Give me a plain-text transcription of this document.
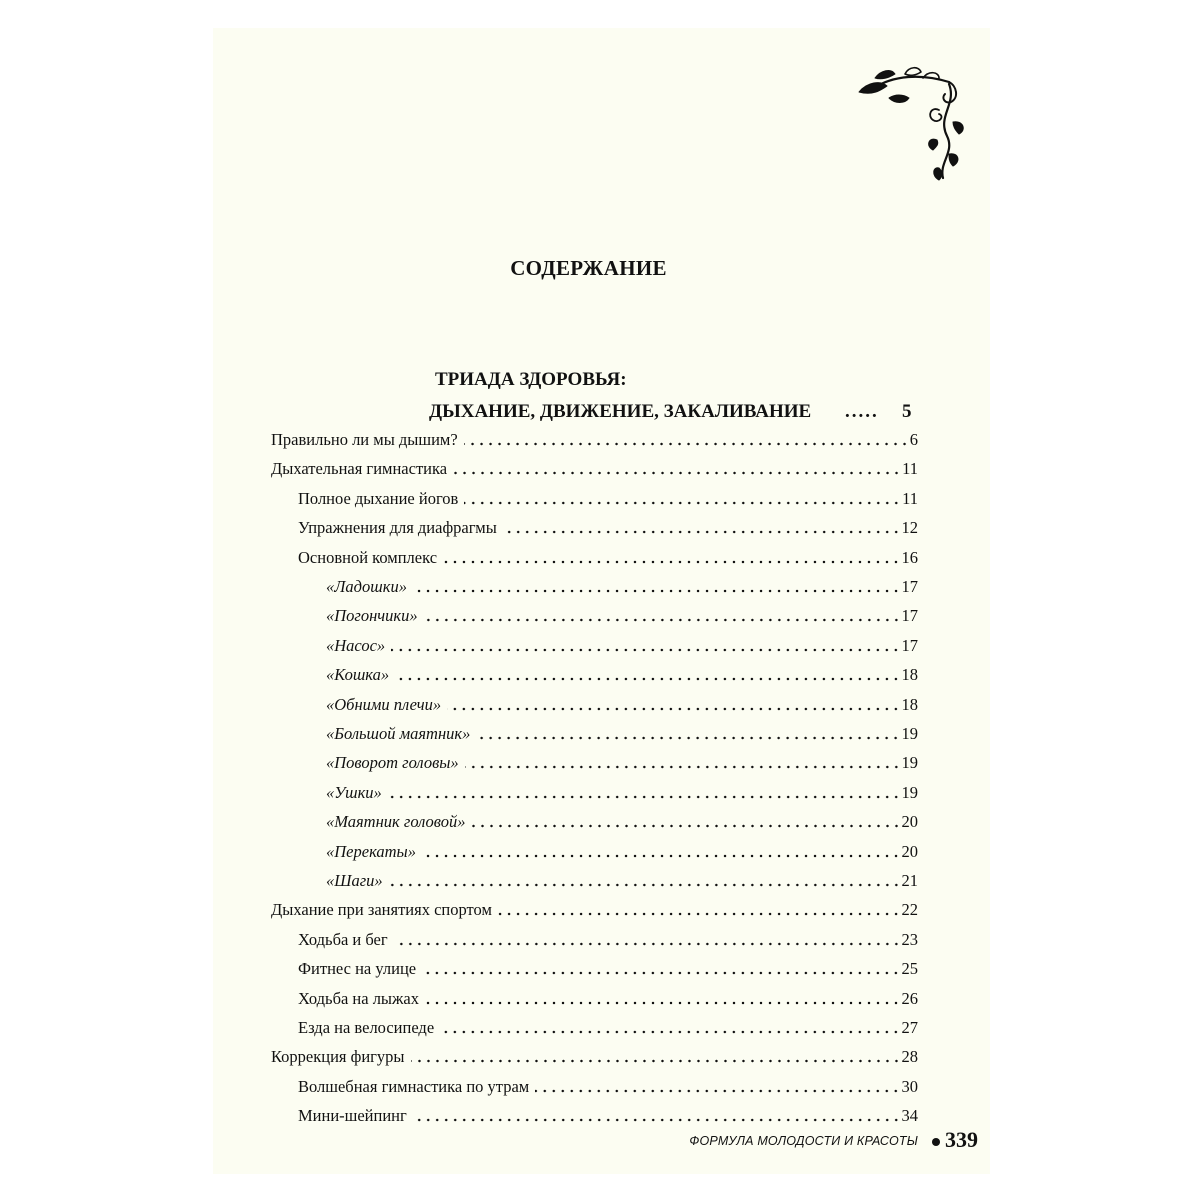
СОДЕРЖАНИЕ
ТРИАДА ЗДОРОВЬЯ:
ДЫХАНИЕ, ДВИЖЕНИЕ, ЗАКАЛИВАНИЕ ..... 5
Правильно ли мы дышим?	6
Дыхательная гимнастика	11
Полное дыхание йогов	11
Упражнения для диафрагмы	12
Основной комплекс	16
«Ладошки»	17
«Погончики»	17
«Насос»	17
«Кошка»	18
«Обними плечи»	18
«Большой маятник»	19
«Поворот головы»	19
«Ушки»	19
«Маятник головой»	20
«Перекаты»	20
«Шаги»	21
Дыхание при занятиях спортом	22
Ходьба и бег	23
Фитнес на улице	25
Ходьба на лыжах	26
Езда на велосипеде	27
Коррекция фигуры	28
Волшебная гимнастика по утрам	30
Мини-шейпинг	34
ФОРМУЛА МОЛОДОСТИ И КРАСОТЫ 339
